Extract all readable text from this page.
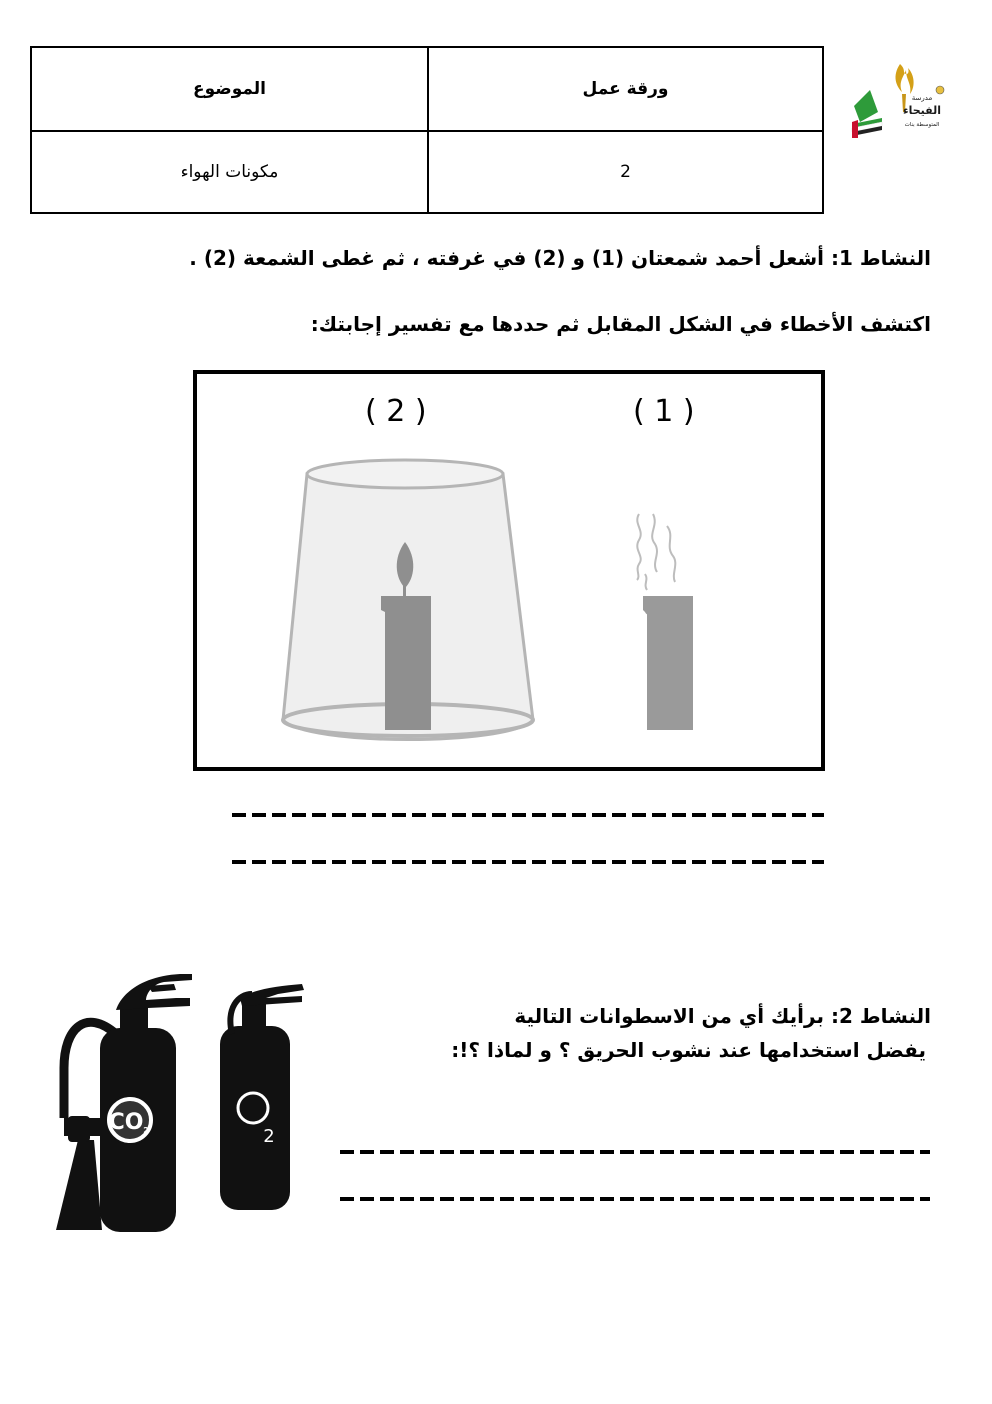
الموضوع	ورقة عمل
مكونات الهواء	2
الفيحاء
مدرسة
المتوسطة بنات
النشاط 1: أشعل أحمد شمعتان (1) و (2) في غرفته ، ثم غطى الشمعة (2) .
اكتشف الأخطاء في الشكل المقابل ثم حددها مع تفسير إجابتك:
( 2 )	( 1 )
النشاط 2: برأيك أي من الاسطوانات التالية
يفضل استخدامها عند نشوب الحريق ؟ و لماذا ؟!:
CO 2	2
